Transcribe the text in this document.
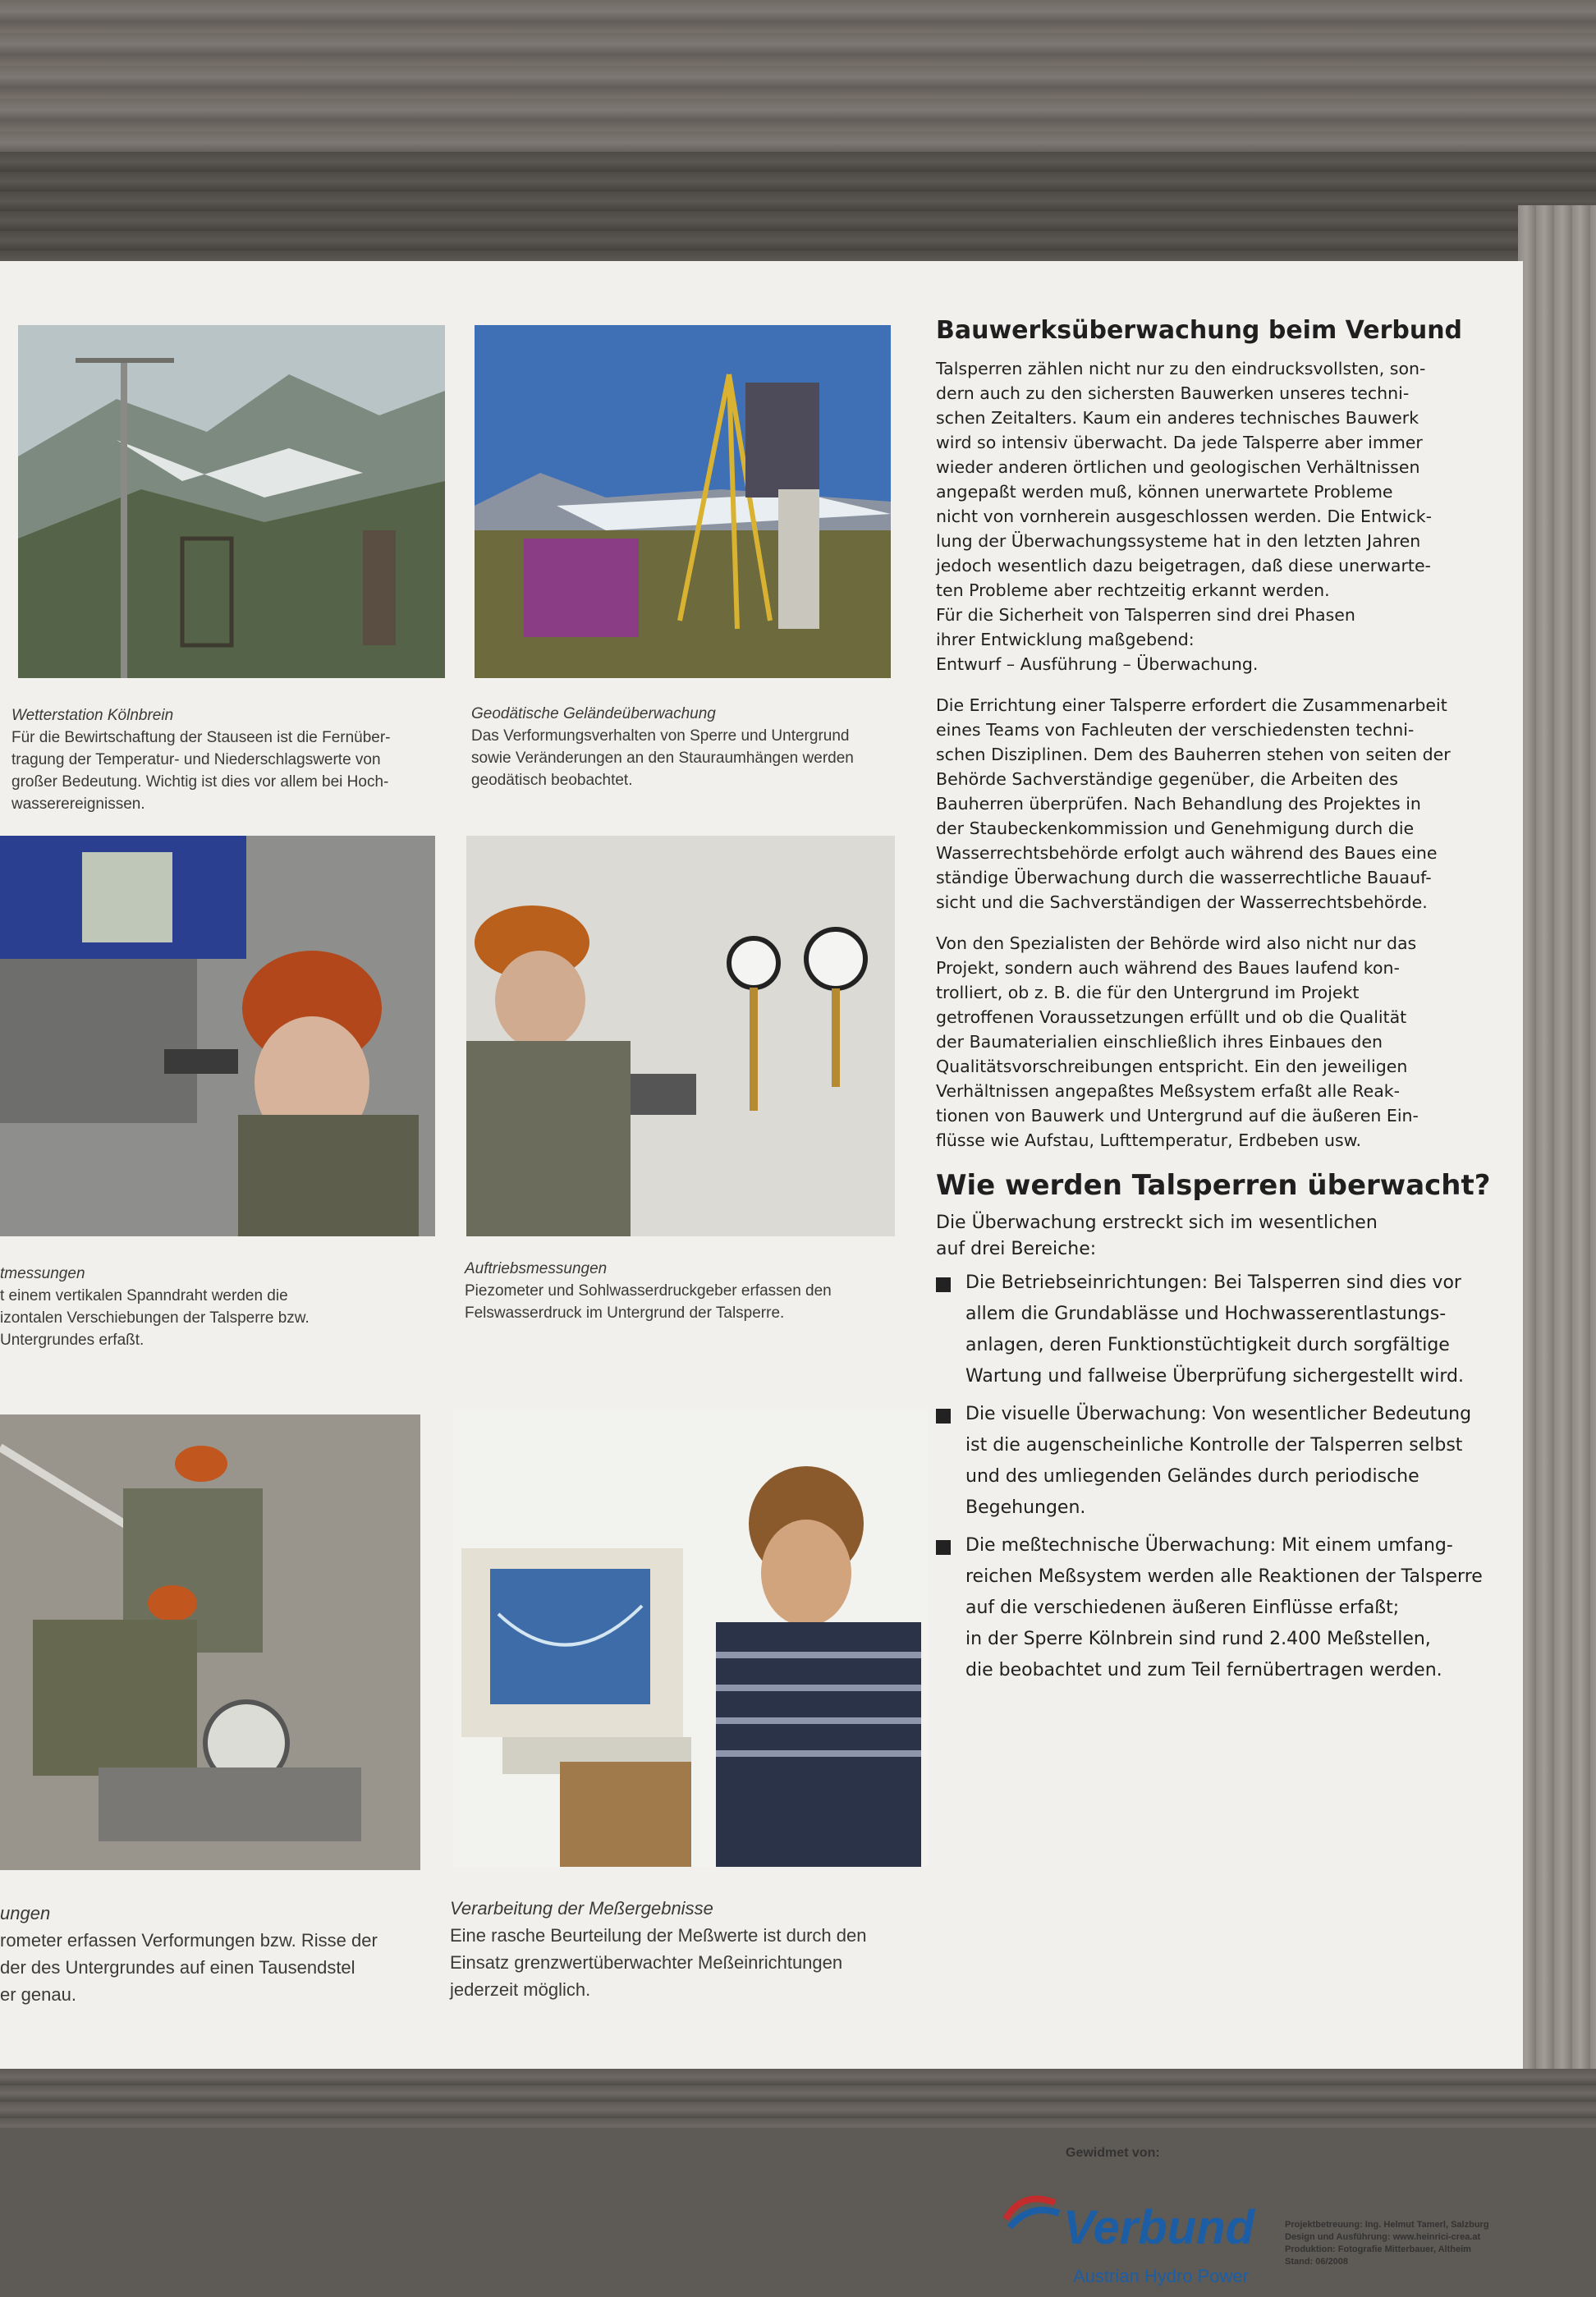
Wetterstation Kölnbrein
Für die Bewirtschaftung der Stauseen ist die Fernüber-
tragung der Temperatur- und Niederschlagswerte von
großer Bedeutung. Wichtig ist dies vor allem bei Hoch-
wasserereignissen.
Geodätische Geländeüberwachung
Das Verformungsverhalten von Sperre und Untergrund
sowie Veränderungen an den Stauraumhängen werden
geodätisch beobachtet.
tmessungen
t einem vertikalen Spanndraht werden die
izontalen Verschiebungen der Talsperre bzw.
Untergrundes erfaßt.
Auftriebsmessungen
Piezometer und Sohlwasserdruckgeber erfassen den
Felswasserdruck im Untergrund der Talsperre.
ungen
rometer erfassen Verformungen bzw. Risse der
der des Untergrundes auf einen Tausendstel
er genau.
Verarbeitung der Meßergebnisse
Eine rasche Beurteilung der Meßwerte ist durch den
Einsatz grenzwertüberwachter Meßeinrichtungen
jederzeit möglich.
Gewidmet von:
Verbund
Austrian Hydro Power
Projektbetreuung: Ing. Helmut Tamerl, Salzburg
Design und Ausführung: www.heinrici-crea.at
Produktion: Fotografie Mitterbauer, Altheim
Stand: 06/2008
Bauwerksüberwachung beim Verbund
Talsperren zählen nicht nur zu den eindrucksvollsten, son-
dern auch zu den sichersten Bauwerken unseres techni-
schen Zeitalters. Kaum ein anderes technisches Bauwerk
wird so intensiv überwacht. Da jede Talsperre aber immer
wieder anderen örtlichen und geologischen Verhältnissen
angepaßt werden muß, können unerwartete Probleme
nicht von vornherein ausgeschlossen werden. Die Entwick-
lung der Überwachungssysteme hat in den letzten Jahren
jedoch wesentlich dazu beigetragen, daß diese unerwarte-
ten Probleme aber rechtzeitig erkannt werden.
Für die Sicherheit von Talsperren sind drei Phasen
ihrer Entwicklung maßgebend:
Entwurf – Ausführung – Überwachung.
Die Errichtung einer Talsperre erfordert die Zusammenarbeit
eines Teams von Fachleuten der verschiedensten techni-
schen Disziplinen. Dem des Bauherren stehen von seiten der
Behörde Sachverständige gegenüber, die Arbeiten des
Bauherren überprüfen. Nach Behandlung des Projektes in
der Staubeckenkommission und Genehmigung durch die
Wasserrechtsbehörde erfolgt auch während des Baues eine
ständige Überwachung durch die wasserrechtliche Bauauf-
sicht und die Sachverständigen der Wasserrechtsbehörde.
Von den Spezialisten der Behörde wird also nicht nur das
Projekt, sondern auch während des Baues laufend kon-
trolliert, ob z. B. die für den Untergrund im Projekt
getroffenen Voraussetzungen erfüllt und ob die Qualität
der Baumaterialien einschließlich ihres Einbaues den
Qualitätsvorschreibungen entspricht. Ein den jeweiligen
Verhältnissen angepaßtes Meßsystem erfaßt alle Reak-
tionen von Bauwerk und Untergrund auf die äußeren Ein-
flüsse wie Aufstau, Lufttemperatur, Erdbeben usw.
Wie werden Talsperren überwacht?
Die Überwachung erstreckt sich im wesentlichen
auf drei Bereiche:
Die Betriebseinrichtungen: Bei Talsperren sind dies vor
allem die Grundablässe und Hochwasserentlastungs-
anlagen, deren Funktionstüchtigkeit durch sorgfältige
Wartung und fallweise Überprüfung sichergestellt wird.
Die visuelle Überwachung: Von wesentlicher Bedeutung
ist die augenscheinliche Kontrolle der Talsperren selbst
und des umliegenden Geländes durch periodische
Begehungen.
Die meßtechnische Überwachung: Mit einem umfang-
reichen Meßsystem werden alle Reaktionen der Talsperre
auf die verschiedenen äußeren Einflüsse erfaßt;
in der Sperre Kölnbrein sind rund 2.400 Meßstellen,
die beobachtet und zum Teil fernübertragen werden.
